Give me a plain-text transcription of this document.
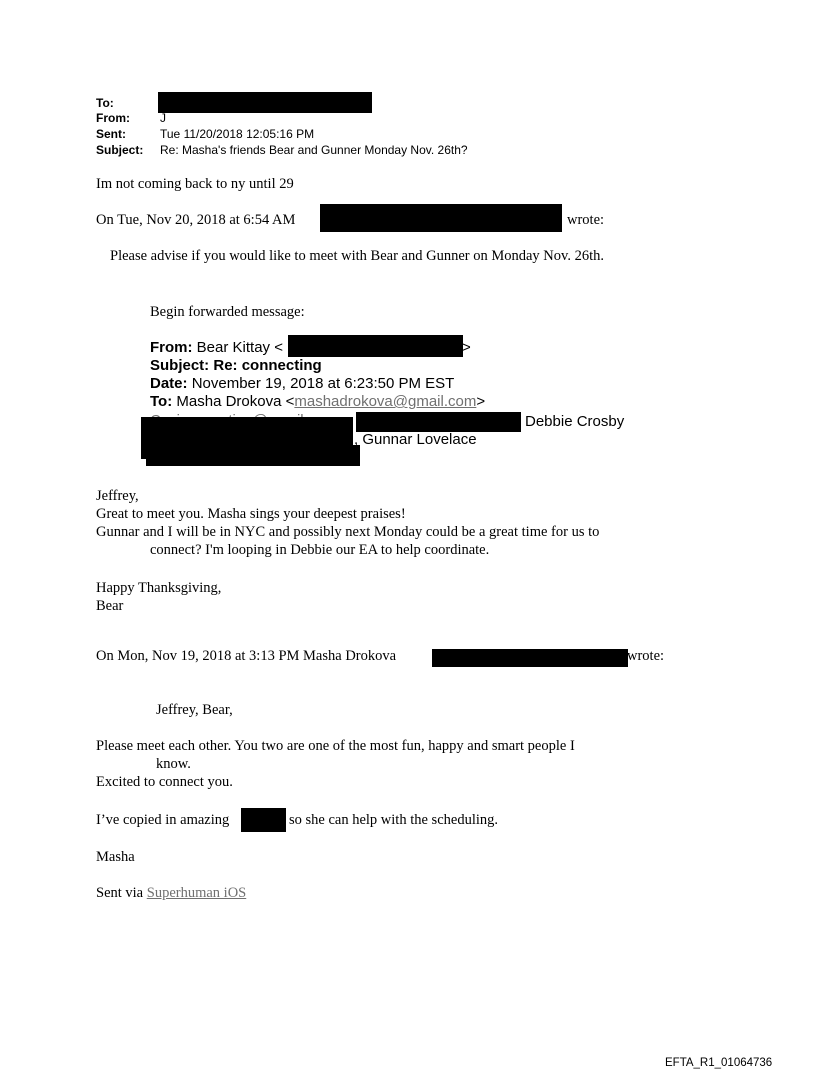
To:
From:	J
Sent:	Tue 11/20/2018 12:05:16 PM
Subject: Re: Masha's friends Bear and Gunner Monday Nov. 26th?
Im not coming back to ny until 29
On Tue, Nov 20, 2018 at 6:54 AM	wrote:
Please advise if you would like to meet with Bear and Gunner on Monday Nov. 26th.
Begin forwarded message:
From: Bear Kittay <	>
Subject: Re: connecting
Date: November 19, 2018 at 6:23:50 PM EST
To: Masha Drokova <mashadrokova@gmail.com>
Debbie Crosby
, Gunnar Lovelace
Jeffrey,
Great to meet you. Masha sings your deepest praises!
Gunnar and I will be in NYC and possibly next Monday could be a great time for us to
connect? I'm looping in Debbie our EA to help coordinate.
Happy Thanksgiving,
Bear
On Mon, Nov 19, 2018 at 3:13 PM Masha Drokova	wrote:
Jeffrey, Bear,
Please meet each other. You two are one of the most fun, happy and smart people I
know.
Excited to connect you.
I’ve copied in amazing	so she can help with the scheduling.
Masha
Sent via Superhuman iOS
EFTA_R1_01064736
